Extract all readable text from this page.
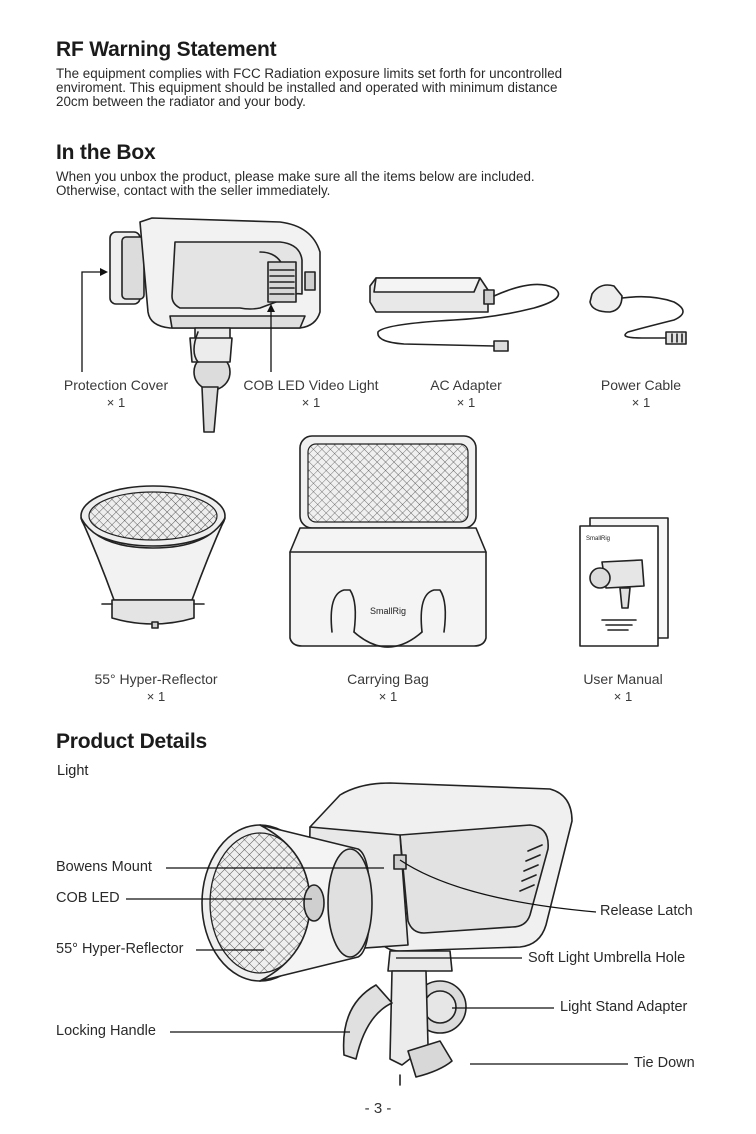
RF Warning Statement
The equipment complies with FCC Radiation exposure limits set forth for uncontrolled
enviroment. This equipment should be installed and operated with minimum distance
20cm between the radiator and your body.
In the Box
When you unbox the product, please make sure all the items below are included.
Otherwise, contact with the seller immediately.
Protection Cover
× 1
COB LED Video Light
× 1
AC Adapter
× 1
Power Cable
× 1
SmallRig
SmallRig
55° Hyper-Reflector
× 1
Carrying Bag
× 1
User Manual
× 1
Product Details
Light
Bowens Mount
COB LED
55° Hyper-Reflector
Locking Handle
Release Latch
Soft Light Umbrella Hole
Light Stand Adapter
Tie Down
- 3 -
